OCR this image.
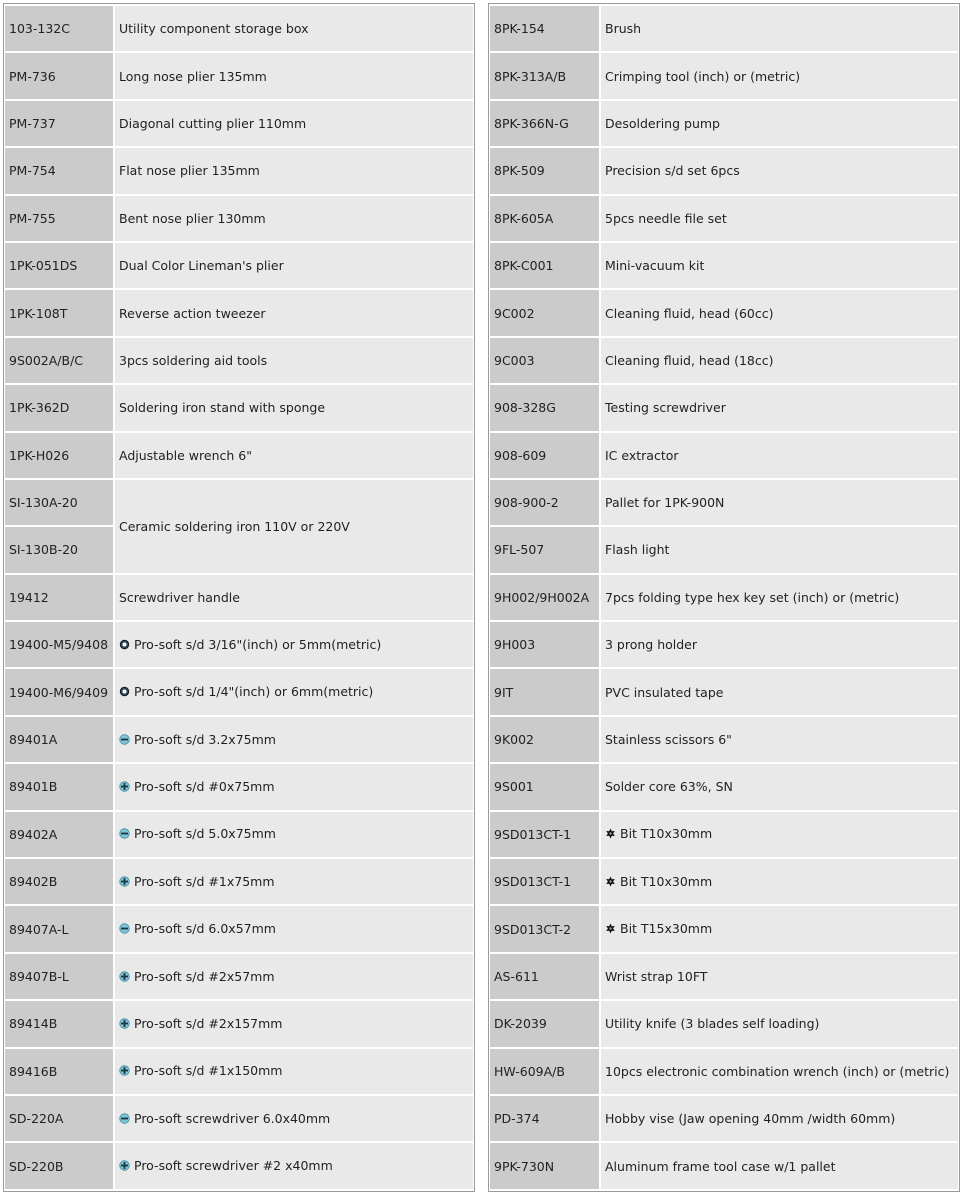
103-132C	Utility component storage box
PM-736	Long nose plier 135mm
PM-737	Diagonal cutting plier 110mm
PM-754	Flat nose plier 135mm
PM-755	Bent nose plier 130mm
1PK-051DS	Dual Color Lineman's plier
1PK-108T	Reverse action tweezer
9S002A/B/C	3pcs soldering aid tools
1PK-362D	Soldering iron stand with sponge
1PK-H026	Adjustable wrench 6"
SI-130A-20	Ceramic soldering iron 110V or 220V
SI-130B-20	
19412	Screwdriver handle
19400-M5/9408	Pro-soft s/d 3/16"(inch) or 5mm(metric)
19400-M6/9409	Pro-soft s/d 1/4"(inch) or 6mm(metric)
89401A	Pro-soft s/d 3.2x75mm
89401B	Pro-soft s/d #0x75mm
89402A	Pro-soft s/d 5.0x75mm
89402B	Pro-soft s/d #1x75mm
89407A-L	Pro-soft s/d 6.0x57mm
89407B-L	Pro-soft s/d #2x57mm
89414B	Pro-soft s/d #2x157mm
89416B	Pro-soft s/d #1x150mm
SD-220A	Pro-soft screwdriver 6.0x40mm
SD-220B	Pro-soft screwdriver #2 x40mm
8PK-154	Brush
8PK-313A/B	Crimping tool (inch) or (metric)
8PK-366N-G	Desoldering pump
8PK-509	Precision s/d set 6pcs
8PK-605A	5pcs needle file set
8PK-C001	Mini-vacuum kit
9C002	Cleaning fluid, head (60cc)
9C003	Cleaning fluid, head (18cc)
908-328G	Testing screwdriver
908-609	IC extractor
908-900-2	Pallet for 1PK-900N
9FL-507	Flash light
9H002/9H002A	7pcs folding type hex key set (inch) or (metric)
9H003	3 prong holder
9IT	PVC insulated tape
9K002	Stainless scissors 6"
9S001	Solder core 63%, SN
9SD013CT-1	Bit T10x30mm
9SD013CT-1	Bit T10x30mm
9SD013CT-2	Bit T15x30mm
AS-611	Wrist strap 10FT
DK-2039	Utility knife (3 blades self loading)
HW-609A/B	10pcs electronic combination wrench (inch) or (metric)
PD-374	Hobby vise (Jaw opening 40mm /width 60mm)
9PK-730N	Aluminum frame tool case w/1 pallet
